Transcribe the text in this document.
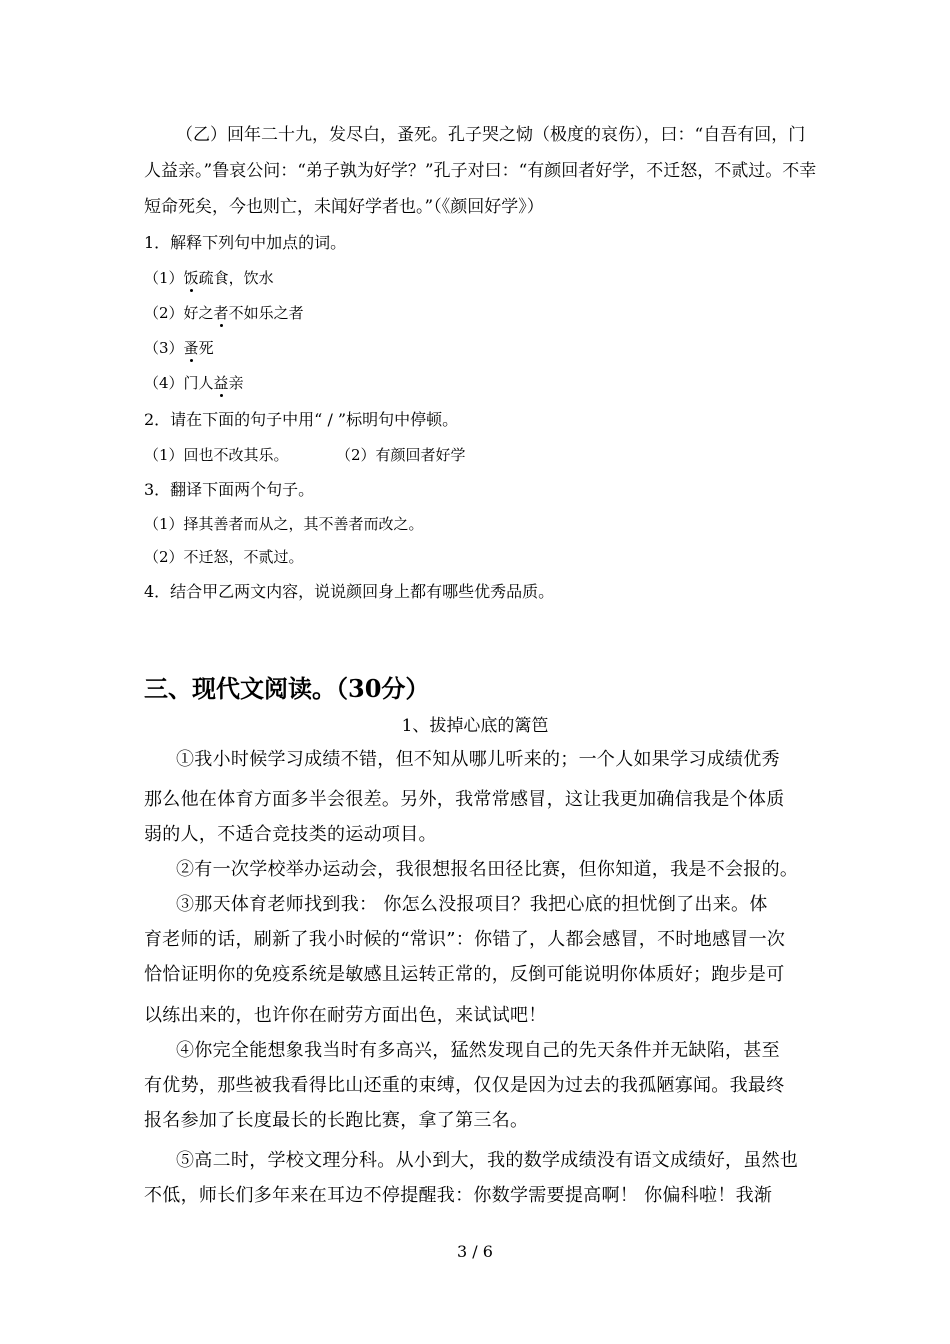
（乙）回年二十九，发尽白，蚤死。孔子哭之恸（极度的哀伤），曰：“自吾有回，门
人益亲。”鲁哀公问：“弟子孰为好学？”孔子对曰：“有颜回者好学，不迁怒，不贰过。不幸
短命死矣，今也则亡，未闻好学者也。”（《颜回好学》）
1．解释下列句中加点的词。
（1）饭疏食，饮水
（2）好之者不如乐之者
（3）蚤死
（4）门人益亲
2．请在下面的句子中用“ / ”标明句中停顿。
（1）回也不改其乐。	（2）有颜回者好学
3．翻译下面两个句子。
（1）择其善者而从之，其不善者而改之。
（2）不迁怒，不贰过。
4．结合甲乙两文内容，说说颜回身上都有哪些优秀品质。
三、现代文阅读。（30分）
1、拔掉心底的篱笆
①我小时候学习成绩不错，但不知从哪儿听来的；一个人如果学习成绩优秀
那么他在体育方面多半会很差。另外，我常常感冒，这让我更加确信我是个体质
弱的人，不适合竞技类的运动项目。
②有一次学校举办运动会，我很想报名田径比赛，但你知道，我是不会报的。
③那天体育老师找到我： 你怎么没报项目？我把心底的担忧倒了出来。体
育老师的话，刷新了我小时候的“常识”：你错了，人都会感冒，不时地感冒一次
恰恰证明你的免疫系统是敏感且运转正常的，反倒可能说明你体质好；跑步是可
以练出来的，也许你在耐劳方面出色，来试试吧！
④你完全能想象我当时有多高兴，猛然发现自己的先天条件并无缺陷，甚至
有优势，那些被我看得比山还重的束缚，仅仅是因为过去的我孤陋寡闻。我最终
报名参加了长度最长的长跑比赛，拿了第三名。
⑤高二时，学校文理分科。从小到大，我的数学成绩没有语文成绩好，虽然也
不低，师长们多年来在耳边不停提醒我：你数学需要提高啊！ 你偏科啦！我渐
3 / 6
